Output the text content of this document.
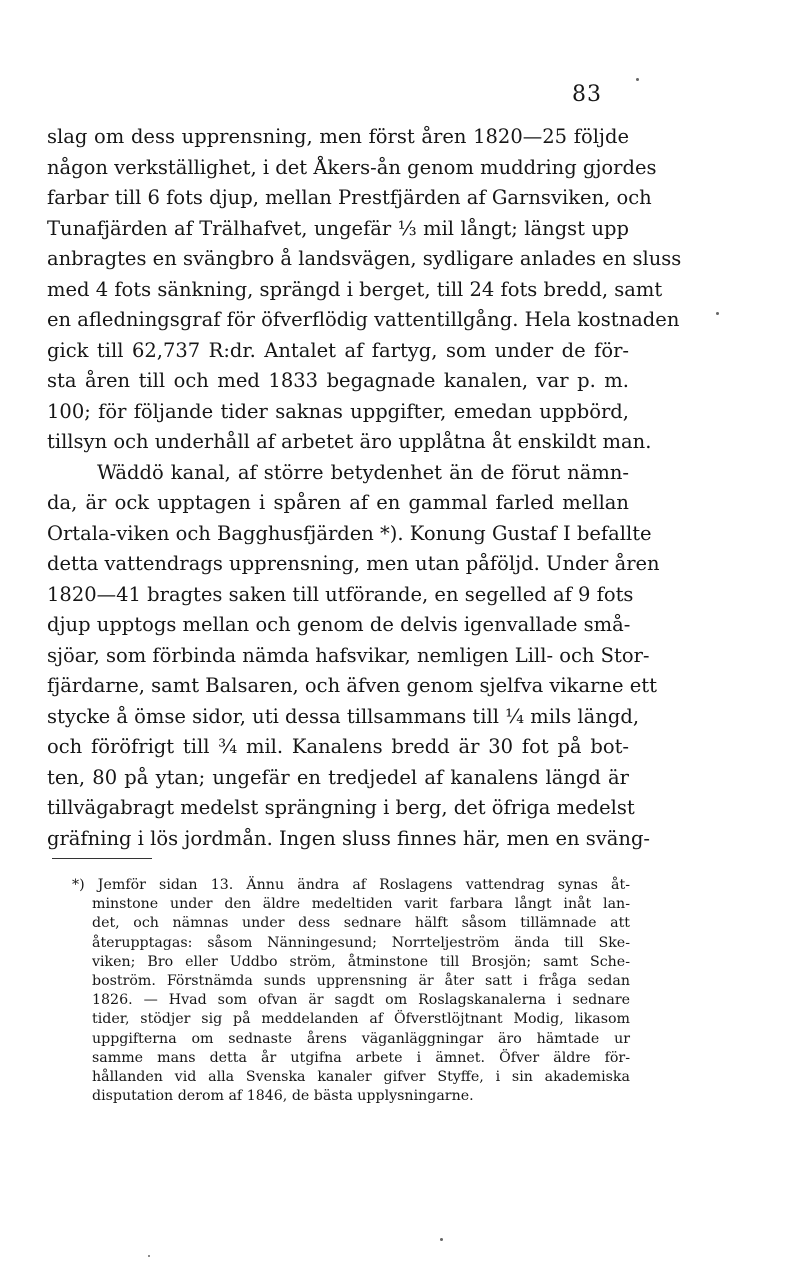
83
slag om dess upprensning, men först åren 1820—25 följde
någon verkställighet, i det Åkers-ån genom muddring gjordes
farbar till 6 fots djup, mellan Prestfjärden af Garnsviken, och
Tunafjärden af Trälhafvet, ungefär ⅓ mil långt; längst upp
anbragtes en svängbro å landsvägen, sydligare anlades en sluss
med 4 fots sänkning, sprängd i berget, till 24 fots bredd, samt
en afledningsgraf för öfverflödig vattentillgång. Hela kostnaden
gick till 62,737 R:dr. Antalet af fartyg, som under de för-
sta åren till och med 1833 begagnade kanalen, var p. m.
100; för följande tider saknas uppgifter, emedan uppbörd,
tillsyn och underhåll af arbetet äro upplåtna åt enskildt man.
Wäddö kanal, af större betydenhet än de förut nämn-
da, är ock upptagen i spåren af en gammal farled mellan
Ortala-viken och Bagghusfjärden *). Konung Gustaf I befallte
detta vattendrags upprensning, men utan påföljd. Under åren
1820—41 bragtes saken till utförande, en segelled af 9 fots
djup upptogs mellan och genom de delvis igenvallade små-
sjöar, som förbinda nämda hafsvikar, nemligen Lill- och Stor-
fjärdarne, samt Balsaren, och äfven genom sjelfva vikarne ett
stycke å ömse sidor, uti dessa tillsammans till ¼ mils längd,
och föröfrigt till ¾ mil. Kanalens bredd är 30 fot på bot-
ten, 80 på ytan; ungefär en tredjedel af kanalens längd är
tillvägabragt medelst sprängning i berg, det öfriga medelst
gräfning i lös jordmån. Ingen sluss finnes här, men en sväng-
*) Jemför sidan 13. Ännu ändra af Roslagens vattendrag synas åt-
minstone under den äldre medeltiden varit farbara långt inåt lan-
det, och nämnas under dess sednare hälft såsom tillämnade att
återupptagas: såsom Nänningesund; Norrteljeström ända till Ske-
viken; Bro eller Uddbo ström, åtminstone till Brosjön; samt Sche-
boström. Förstnämda sunds upprensning är åter satt i fråga sedan
1826. — Hvad som ofvan är sagdt om Roslagskanalerna i sednare
tider, stödjer sig på meddelanden af Öfverstlöjtnant Modig, likasom
uppgifterna om sednaste årens väganläggningar äro hämtade ur
samme mans detta år utgifna arbete i ämnet. Öfver äldre för-
hållanden vid alla Svenska kanaler gifver Styffe, i sin akademiska
disputation derom af 1846, de bästa upplysningarne.
